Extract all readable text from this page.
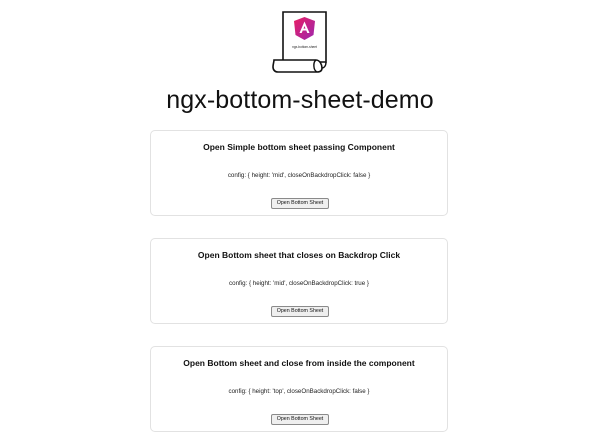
ngx-bottom-sheet
ngx-bottom-sheet-demo
Open Simple bottom sheet passing Component
config: { height: 'mid', closeOnBackdropClick: false }
Open Bottom Sheet
Open Bottom sheet that closes on Backdrop Click
config: { height: 'mid', closeOnBackdropClick: true }
Open Bottom Sheet
Open Bottom sheet and close from inside the component
config: { height: 'top', closeOnBackdropClick: false }
Open Bottom Sheet
